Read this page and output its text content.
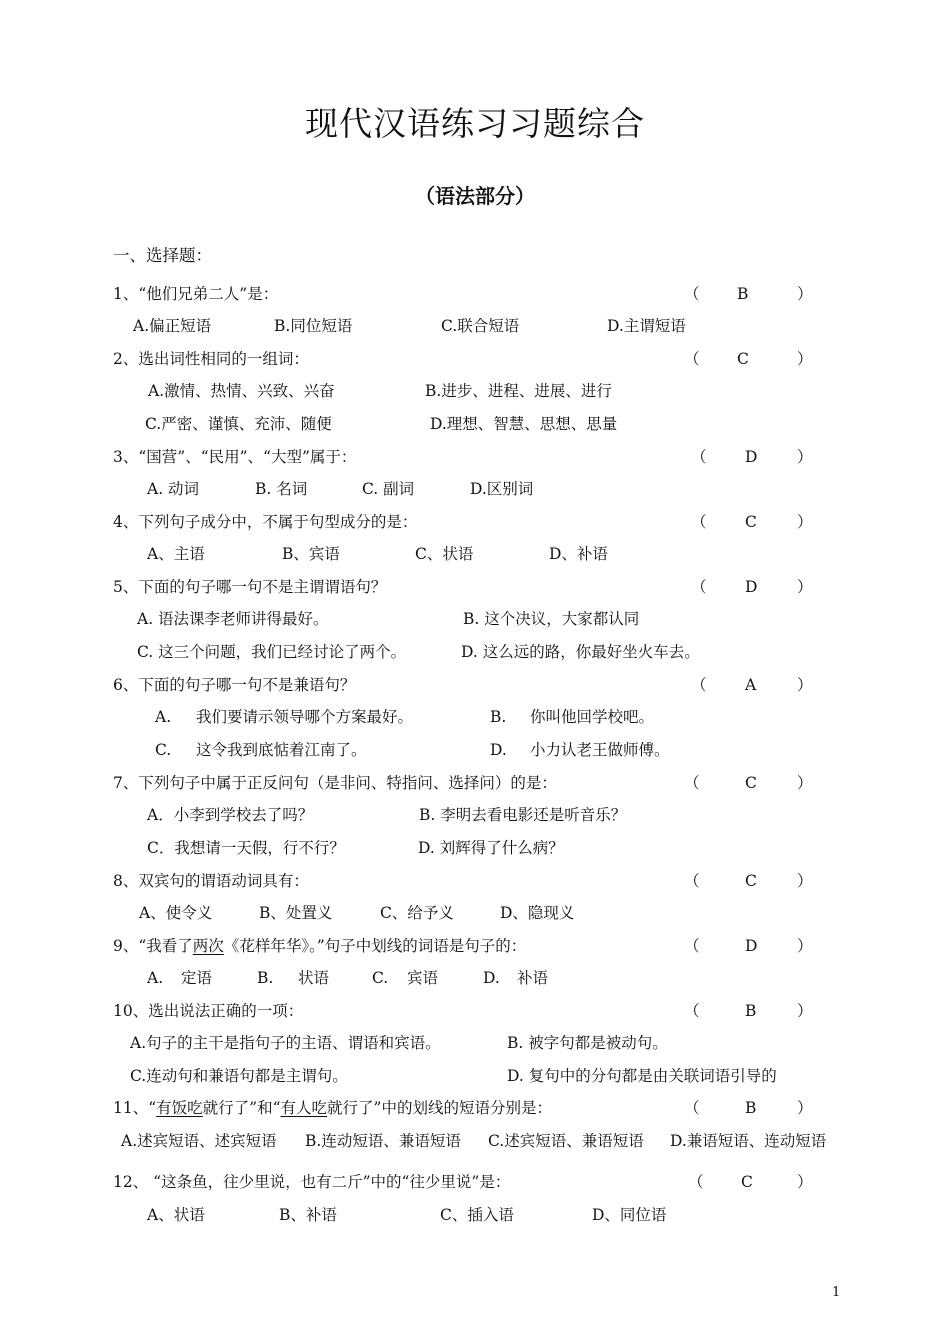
现代汉语练习习题综合
（语法部分）
一、选择题：
1、“他们兄弟二人”是：
A.偏正短语	B.同位短语	C.联合短语	D.主谓短语
2、选出词性相同的一组词：
A.激情、热情、兴致、兴奋	B.进步、进程、进展、进行
C.严密、谨慎、充沛、随便	D.理想、智慧、思想、思量
3、“国营”、“民用”、“大型”属于：
A. 动词	B. 名词	C. 副词	D.区别词
4、下列句子成分中，不属于句型成分的是：
A、主语	B、宾语	C、状语	D、补语
5、下面的句子哪一句不是主谓谓语句？
A. 语法课李老师讲得最好。	B. 这个决议，大家都认同
C. 这三个问题，我们已经讨论了两个。	D. 这么远的路，你最好坐火车去。
6、下面的句子哪一句不是兼语句？
A. 我们要请示领导哪个方案最好。	B. 你叫他回学校吧。
C. 这令我到底惦着江南了。	D. 小力认老王做师傅。
7、下列句子中属于正反问句（是非问、特指问、选择问）的是：
A．小李到学校去了吗？	B. 李明去看电影还是听音乐？
C．我想请一天假，行不行？	D. 刘辉得了什么病？
8、双宾句的谓语动词具有：
A、使令义	B、处置义	C、给予义	D、隐现义
9、“我看了两次《花样年华》。”句子中划线的词语是句子的：
A. 定语	B. 状语	C. 宾语	D. 补语
10、选出说法正确的一项：
A.句子的主干是指句子的主语、谓语和宾语。	B. 被字句都是被动句。
C.连动句和兼语句都是主谓句。	D. 复句中的分句都是由关联词语引导的
11、“有饭吃就行了”和“有人吃就行了”中的划线的短语分别是：
A.述宾短语、述宾短语 B.连动短语、兼语短语 C.述宾短语、兼语短语 D.兼语短语、连动短语
12、 “这条鱼，往少里说，也有二斤”中的“往少里说”是：
A、状语	B、补语	C、插入语	D、同位语
（ B	）
（ C	）
（ D	）
（ C	）
（ D	）
（ A	）
（	C	）
（	C	）
（	D	）
（	B	）
（	B	）
（ C	）
1
